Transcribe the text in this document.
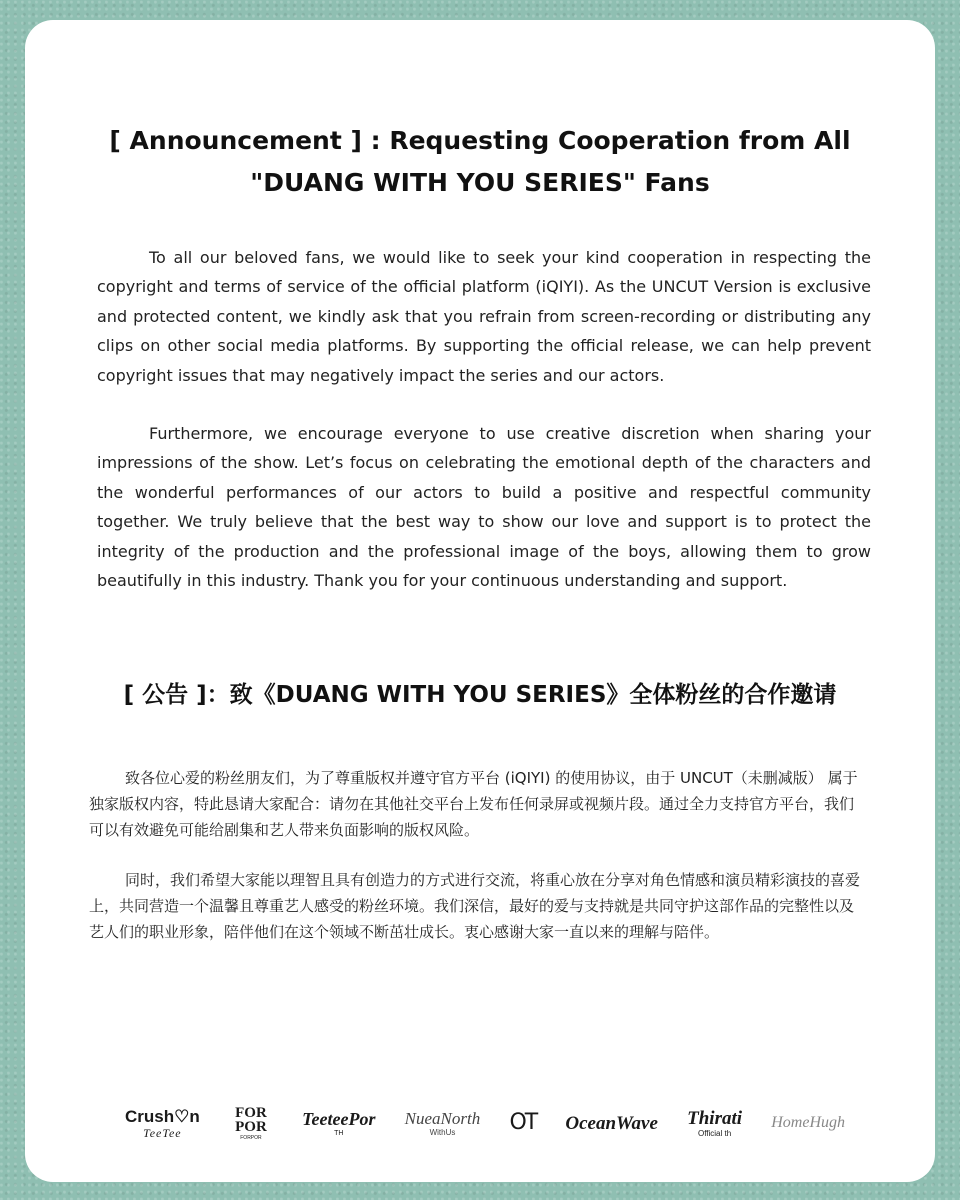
[ Announcement ] : Requesting Cooperation from All
"DUANG WITH YOU SERIES" Fans

To all our beloved fans, we would like to seek your kind cooperation in respecting the copyright and terms of service of the official platform (iQIYI). As the UNCUT Version is exclusive and protected content, we kindly ask that you refrain from screen-recording or distributing any clips on other social media platforms. By supporting the official release, we can help prevent copyright issues that may negatively impact the series and our actors.

Furthermore, we encourage everyone to use creative discretion when sharing your impressions of the show. Let’s focus on celebrating the emotional depth of the characters and the wonderful performances of our actors to build a positive and respectful community together. We truly believe that the best way to show our love and support is to protect the integrity of the production and the professional image of the boys, allowing them to grow beautifully in this industry. Thank you for your continuous understanding and support.

[ 公告 ]：致《DUANG WITH YOU SERIES》全体粉丝的合作邀请

致各位心爱的粉丝朋友们，为了尊重版权并遵守官方平台 (iQIYI) 的使用协议，由于 UNCUT（未删减版） 属于独家版权内容，特此恳请大家配合：请勿在其他社交平台上发布任何录屏或视频片段。通过全力支持官方平台，我们可以有效避免可能给剧集和艺人带来负面影响的版权风险。

同时，我们希望大家能以理智且具有创造力的方式进行交流，将重心放在分享对角色情感和演员精彩演技的喜爱上，共同营造一个温馨且尊重艺人感受的粉丝环境。我们深信，最好的爱与支持就是共同守护这部作品的完整性以及艺人们的职业形象，陪伴他们在这个领域不断茁壮成长。衷心感谢大家一直以来的理解与陪伴。

Crush♡n
TeeTee
FOR POR
FORPOR
TeeteePor
TH
NueaNorth
WithUs	OT OceanWave Thirati
Official th
HomeHugh
